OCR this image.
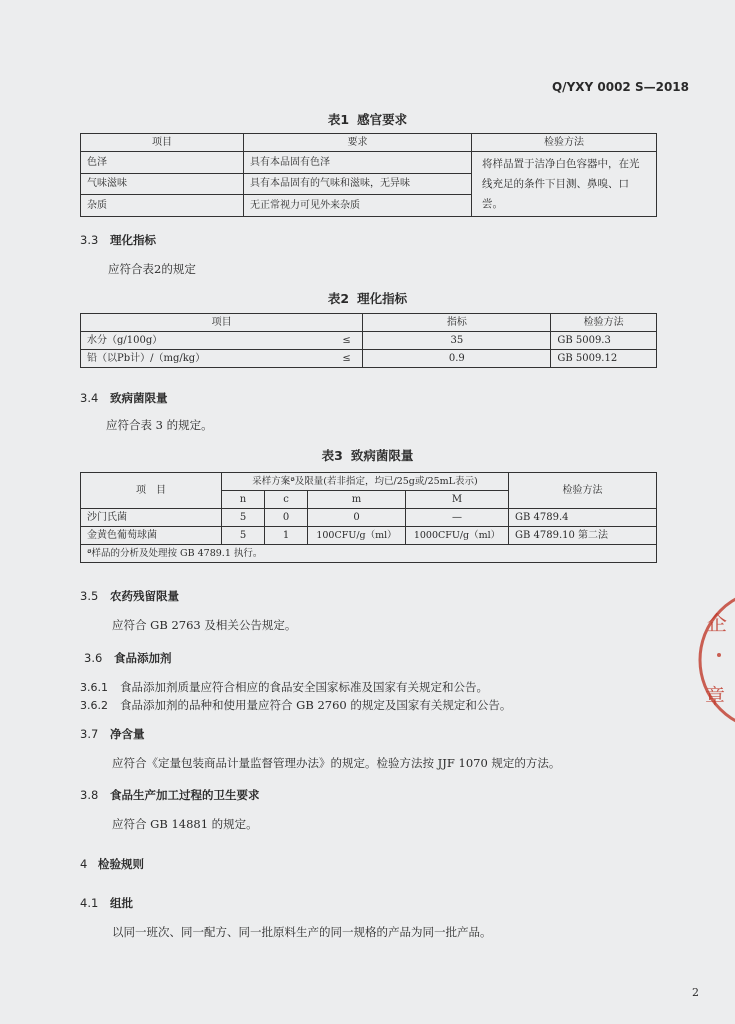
Q/YXY 0002 S—2018
表1 感官要求
项目	要求	检验方法
色泽	具有本品固有色泽	将样品置于洁净白色容器中，在光线充足的条件下目测、鼻嗅、口尝。
气味滋味	具有本品固有的气味和滋味，无异味	
杂质	无正常视力可见外来杂质	
3.3 理化指标
应符合表2的规定
表2 理化指标
项目		指标	检验方法
水分（g/100g）	≤	35	GB 5009.3
铅（以Pb计）/（mg/kg）	≤	0.9	GB 5009.12
3.4 致病菌限量
应符合表 3 的规定。
表3 致病菌限量
项　目	采样方案ª及限量(若非指定，均已/25g或/25mL表示)				检验方法
	n	c	m	M	
沙门氏菌	5	0	0	—	GB 4789.4
金黄色葡萄球菌	5	1	100CFU/g（ml）	1000CFU/g（ml）	GB 4789.10 第二法
ª样品的分析及处理按 GB 4789.1 执行。					
3.5 农药残留限量
应符合 GB 2763 及相关公告规定。
3.6 食品添加剂
3.6.1 食品添加剂质量应符合相应的食品安全国家标准及国家有关规定和公告。
3.6.2 食品添加剂的品种和使用量应符合 GB 2760 的规定及国家有关规定和公告。
3.7 净含量
应符合《定量包装商品计量监督管理办法》的规定。检验方法按 JJF 1070 规定的方法。
3.8 食品生产加工过程的卫生要求
应符合 GB 14881 的规定。
4 检验规则
4.1 组批
以同一班次、同一配方、同一批原料生产的同一规格的产品为同一批产品。
企
章
2
